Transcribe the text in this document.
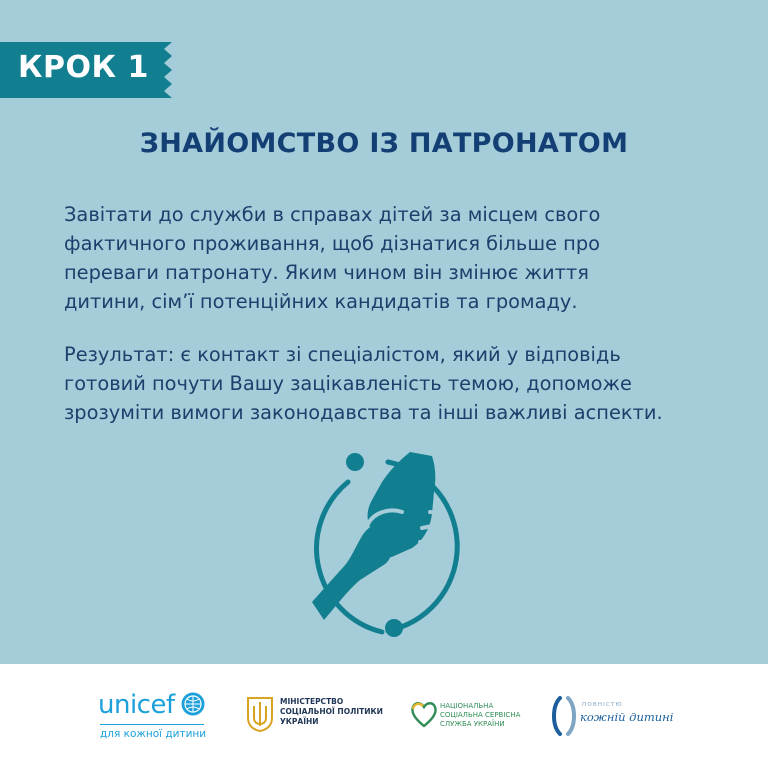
КРОК 1
ЗНАЙОМСТВО ІЗ ПАТРОНАТОМ
Завітати до служби в справах дітей за місцем свого
фактичного проживання, щоб дізнатися більше про
переваги патронату. Яким чином він змінює життя
дитини, сім’ї потенційних кандидатів та громаду.
Результат: є контакт зі спеціалістом, який у відповідь
готовий почути Вашу зацікавленість темою, допоможе
зрозуміти вимоги законодавства та інші важливі аспекти.
unicef
для кожної дитини
МІНІСТЕРСТВО
СОЦІАЛЬНОЇ ПОЛІТИКИ
УКРАЇНИ
НАЦІОНАЛЬНА
СОЦІАЛЬНА СЕРВІСНА
СЛУЖБА УКРАЇНИ
ПОВНІСТЮ
кожній дитині
